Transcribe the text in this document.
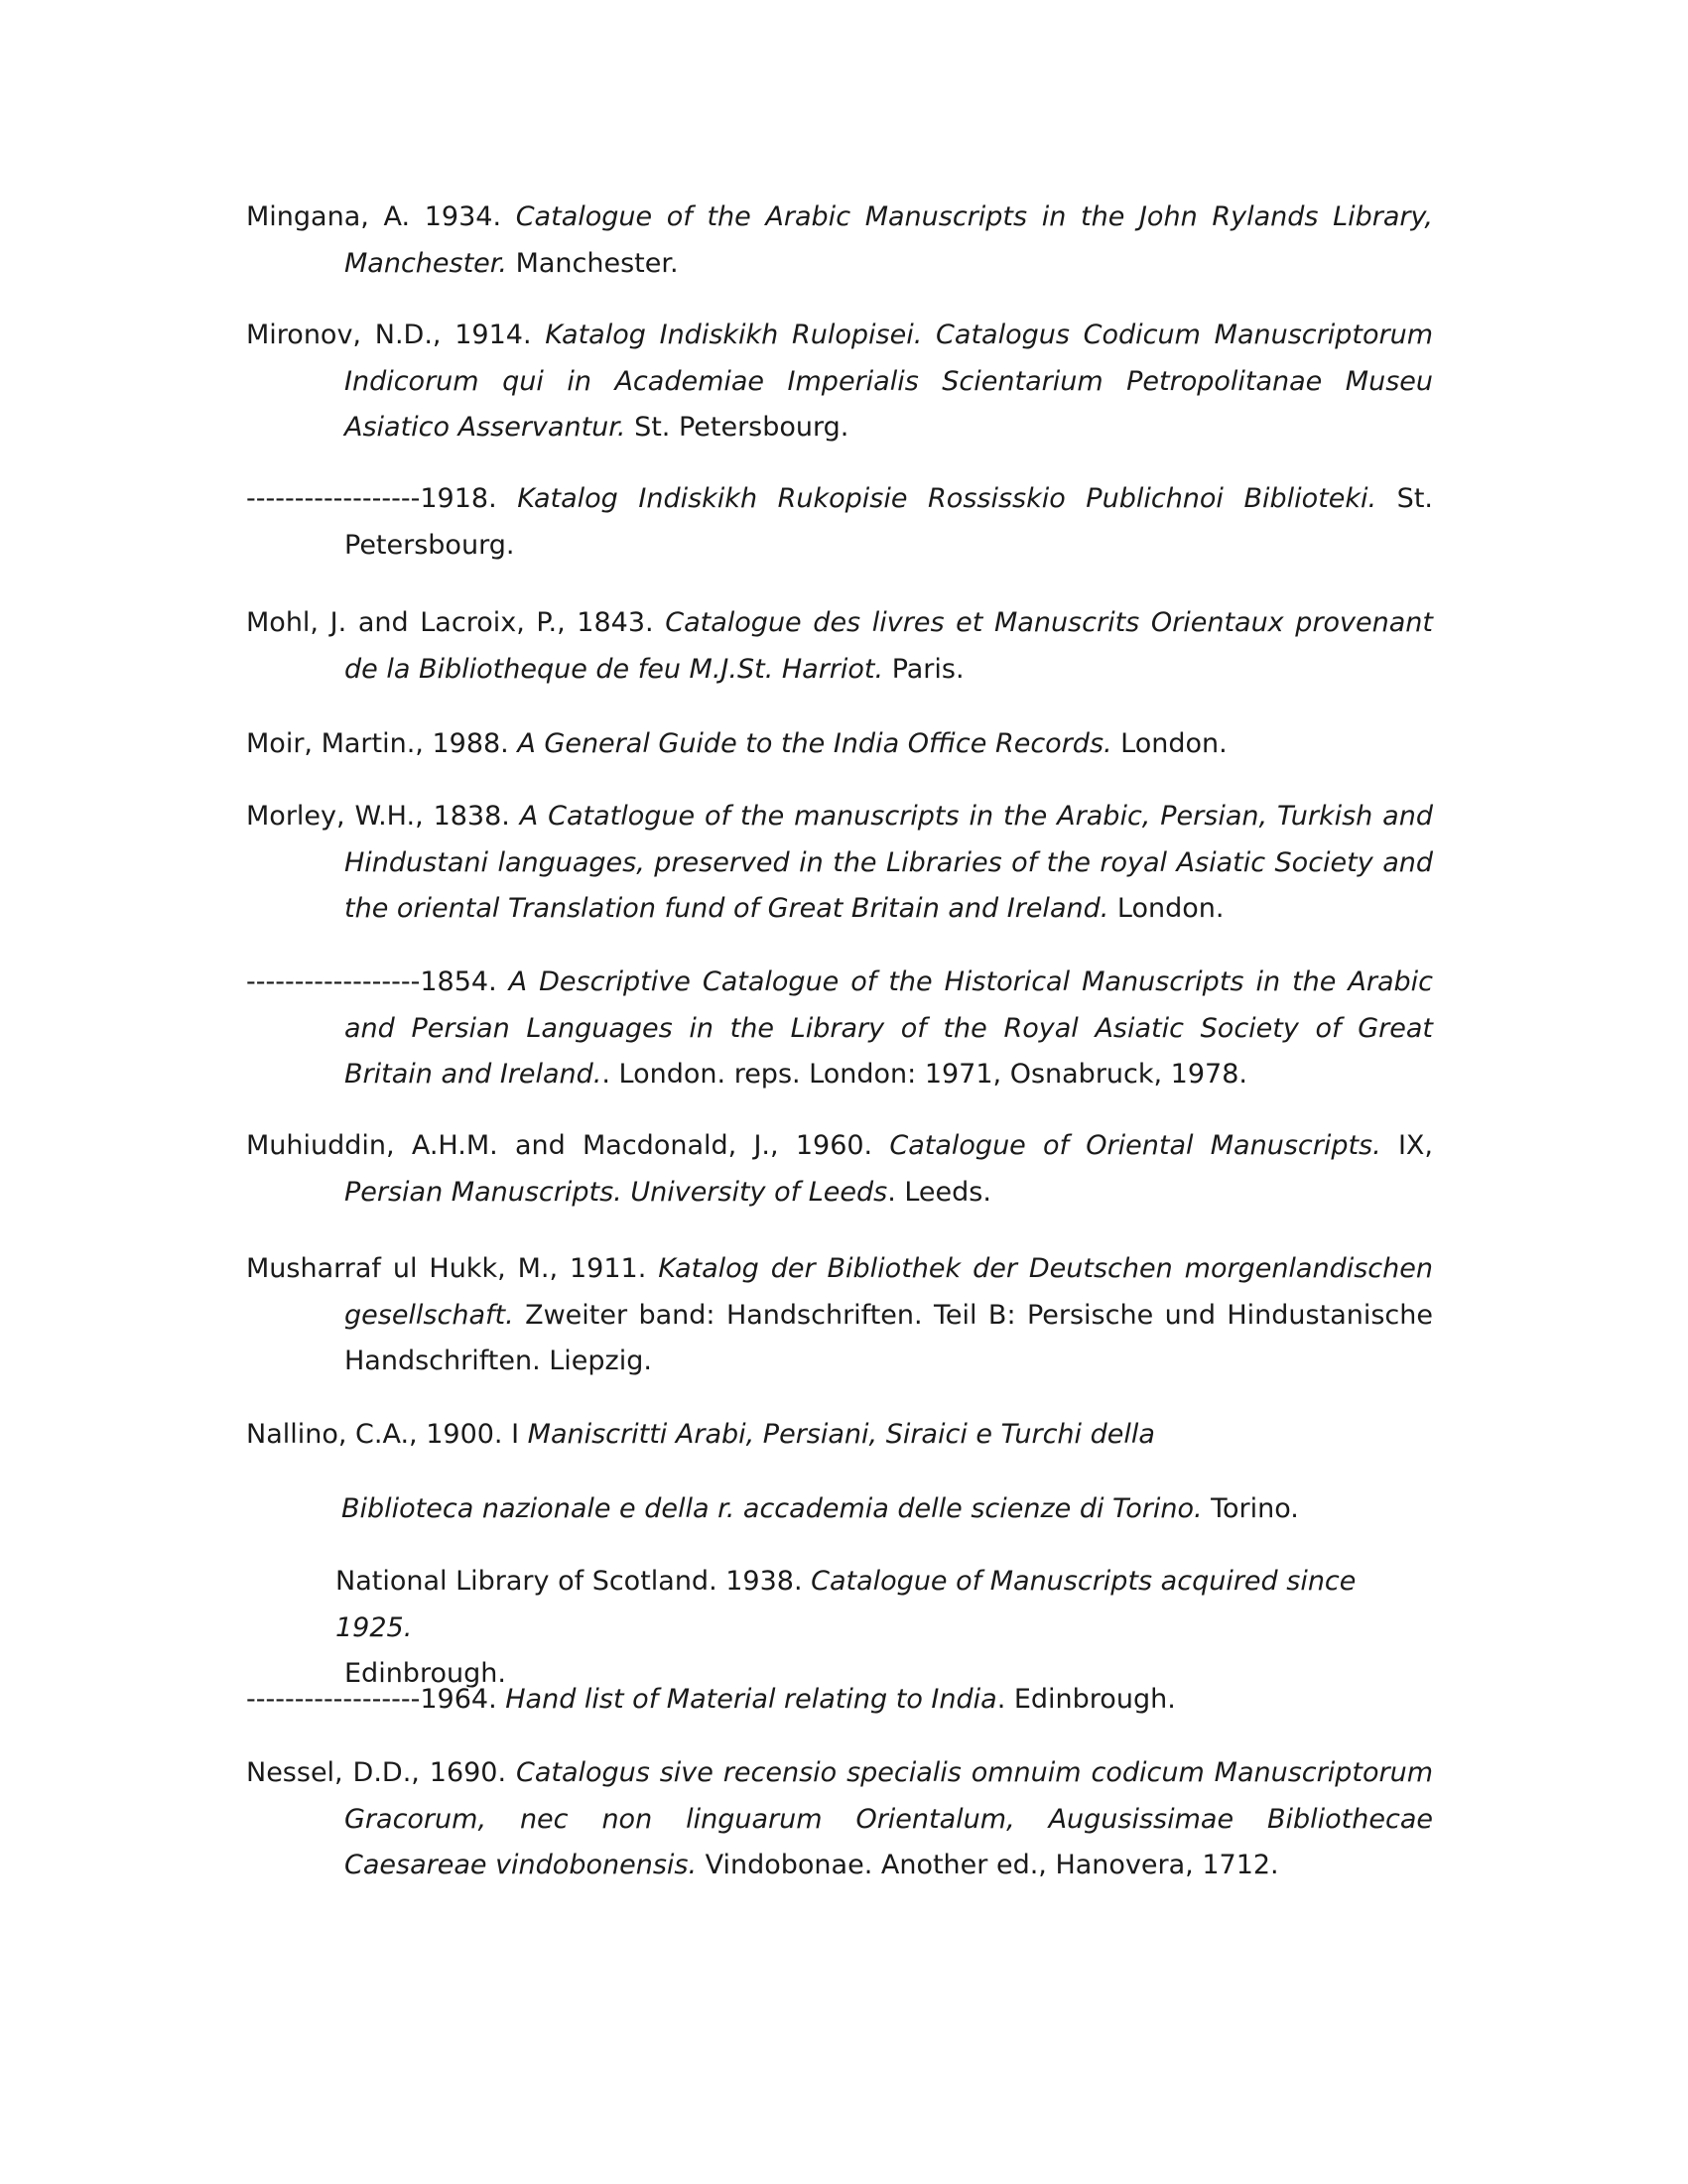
Mingana, A. 1934. Catalogue of the Arabic Manuscripts in the John Rylands Library, Manchester. Manchester.

Mironov, N.D., 1914. Katalog Indiskikh Rulopisei. Catalogus Codicum Manuscriptorum Indicorum qui in Academiae Imperialis Scientarium Petropolitanae Museu Asiatico Asservantur. St. Petersbourg.

------------------1918. Katalog Indiskikh Rukopisie Rossisskio Publichnoi Biblioteki. St. Petersbourg.

Mohl, J. and Lacroix, P., 1843. Catalogue des livres et Manuscrits Orientaux provenant de la Bibliotheque de feu M.J.St. Harriot. Paris.

Moir, Martin., 1988. A General Guide to the India Office Records. London.

Morley, W.H., 1838. A Catatlogue of the manuscripts in the Arabic, Persian, Turkish and Hindustani languages, preserved in the Libraries of the royal Asiatic Society and the oriental Translation fund of Great Britain and Ireland. London.

------------------1854. A Descriptive Catalogue of the Historical Manuscripts in the Arabic and Persian Languages in the Library of the Royal Asiatic Society of Great Britain and Ireland.. London. reps. London: 1971, Osnabruck, 1978.

Muhiuddin, A.H.M. and Macdonald, J., 1960. Catalogue of Oriental Manuscripts. IX, Persian Manuscripts. University of Leeds. Leeds.

Musharraf ul Hukk, M., 1911. Katalog der Bibliothek der Deutschen morgenlandischen gesellschaft. Zweiter band: Handschriften. Teil B: Persische und Hindustanische Handschriften. Liepzig.

Nallino, C.A., 1900. I Maniscritti Arabi, Persiani, Siraici e Turchi della

Biblioteca nazionale e della r. accademia delle scienze di Torino. Torino.

National Library of Scotland. 1938. Catalogue of Manuscripts acquired since 1925.

Edinbrough.

------------------1964. Hand list of Material relating to India. Edinbrough.

Nessel, D.D., 1690. Catalogus sive recensio specialis omnuim codicum Manuscriptorum Gracorum, nec non linguarum Orientalum, Augusissimae Bibliothecae Caesareae vindobonensis. Vindobonae. Another ed., Hanovera, 1712.
